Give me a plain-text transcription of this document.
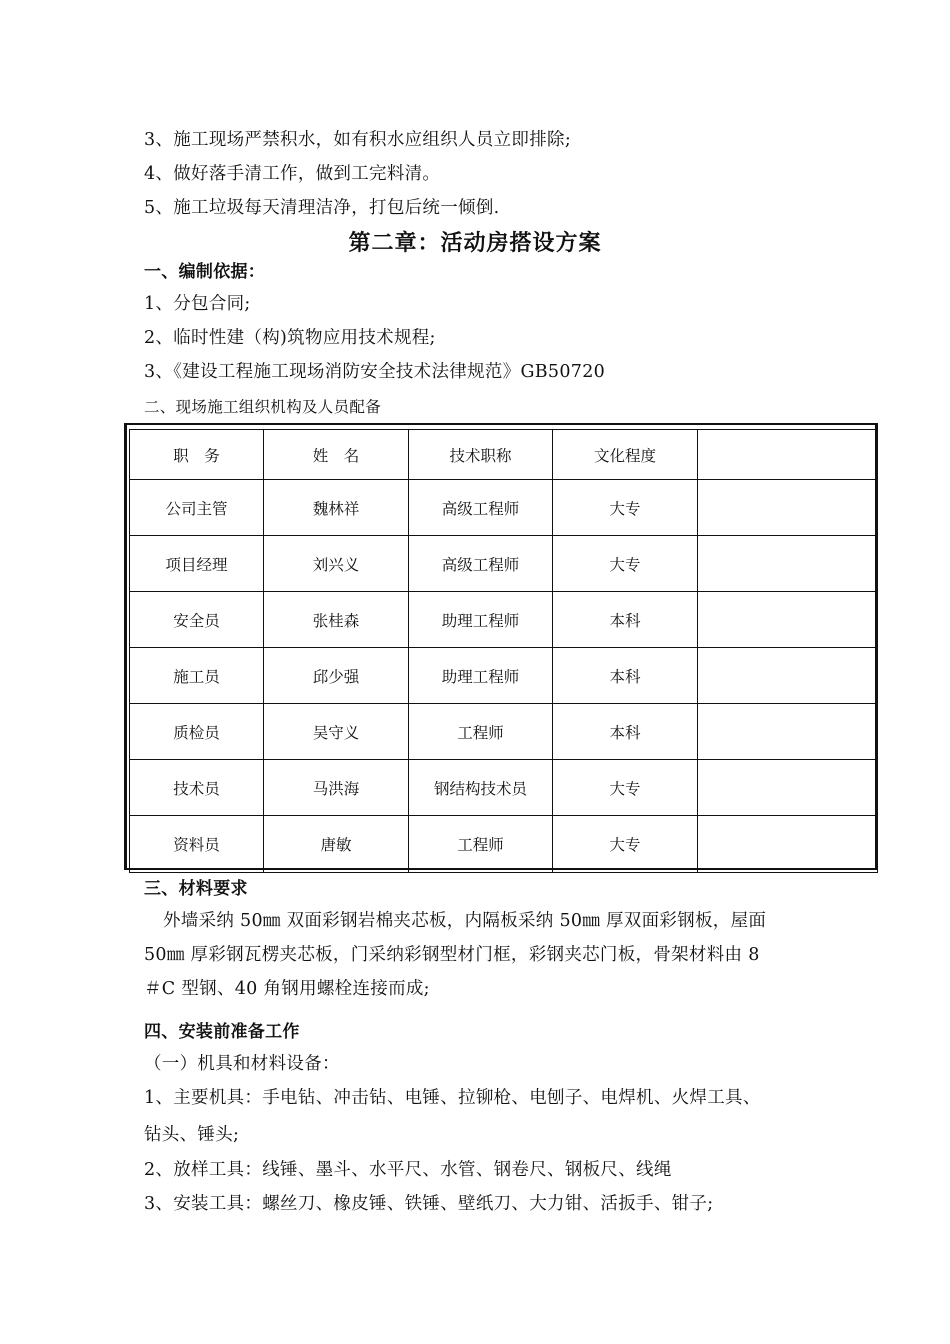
3、施工现场严禁积水，如有积水应组织人员立即排除;
4、做好落手清工作，做到工完料清。
5、施工垃圾每天清理洁净，打包后统一倾倒.
第二章：活动房搭设方案
一、编制依据：
1、分包合同;
2、临时性建（构)筑物应用技术规程;
3、《建设工程施工现场消防安全技术法律规范》GB50720
二、现场施工组织机构及人员配备
职　务	姓　名	技术职称	文化程度	
公司主管	魏林祥	高级工程师	大专	
项目经理	刘兴义	高级工程师	大专	
安全员	张桂森	助理工程师	本科	
施工员	邱少强	助理工程师	本科	
质检员	吴守义	工程师	本科	
技术员	马洪海	钢结构技术员	大专	
资料员	唐敏	工程师	大专	
三、材料要求
外墙采纳 50㎜ 双面彩钢岩棉夹芯板，内隔板采纳 50㎜ 厚双面彩钢板，屋面
50㎜ 厚彩钢瓦楞夹芯板，门采纳彩钢型材门框，彩钢夹芯门板，骨架材料由 8
＃C 型钢、40 角钢用螺栓连接而成;
四、安装前准备工作
（一）机具和材料设备：
1、主要机具：手电钻、冲击钻、电锤、拉铆枪、电刨子、电焊机、火焊工具、
钻头、锤头;
2、放样工具：线锤、墨斗、水平尺、水管、钢卷尺、钢板尺、线绳
3、安装工具：螺丝刀、橡皮锤、铁锤、壁纸刀、大力钳、活扳手、钳子;
